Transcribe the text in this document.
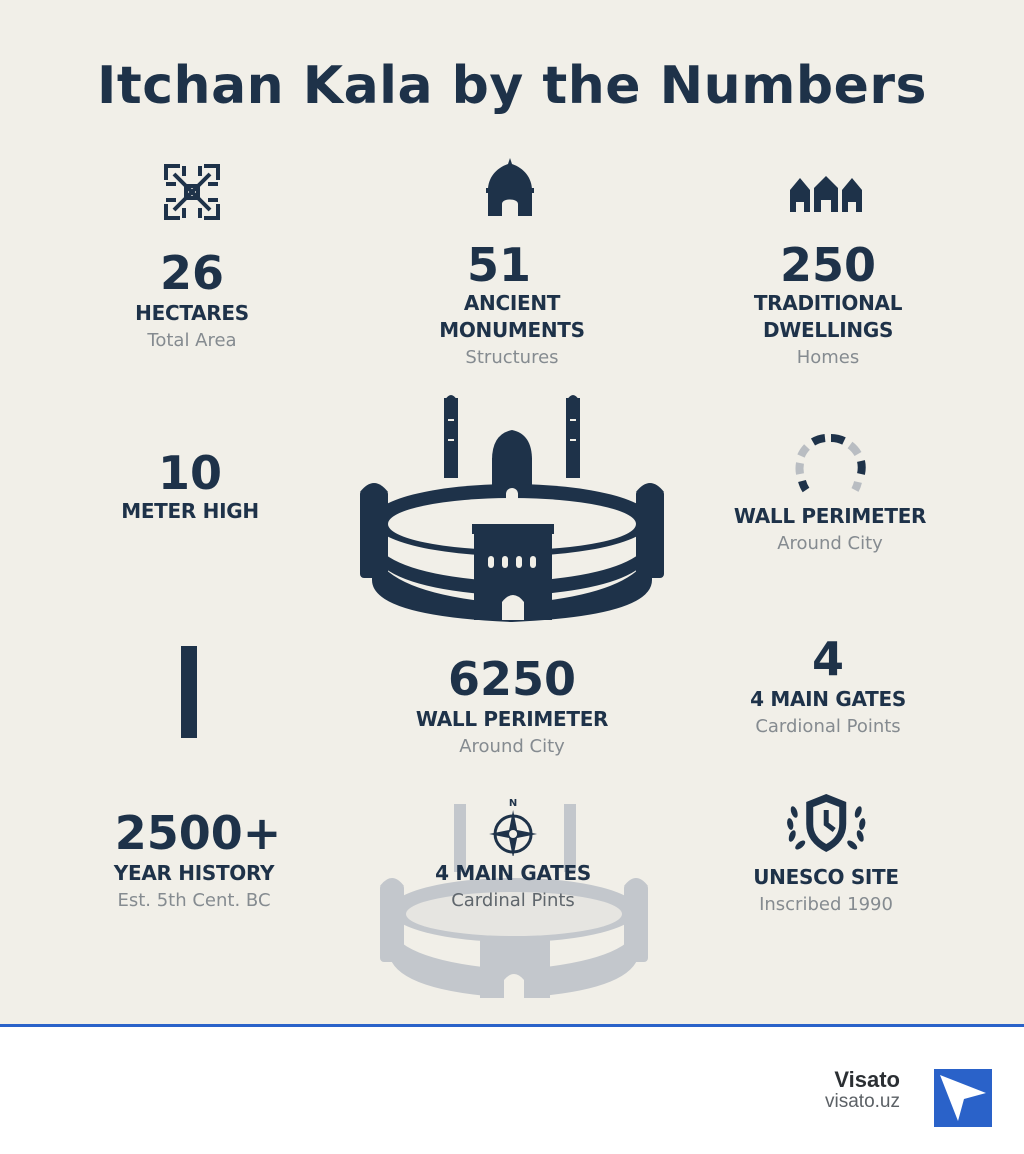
Itchan Kala by the Numbers
26
HECTARES
Total Area
51
ANCIENT
MONUMENTS
Structures
250
TRADITIONAL
DWELLINGS
Homes
10
METER HIGH	WALL PERIMETER
Around City
6250
WALL PERIMETER
Around City
4
4 MAIN GATES
Cardional Points
2500+
YEAR HISTORY
Est. 5th Cent. BC
N
4 MAIN GATES
Cardinal Pints
UNESCO SITE
Inscribed 1990
Visato
visato.uz
